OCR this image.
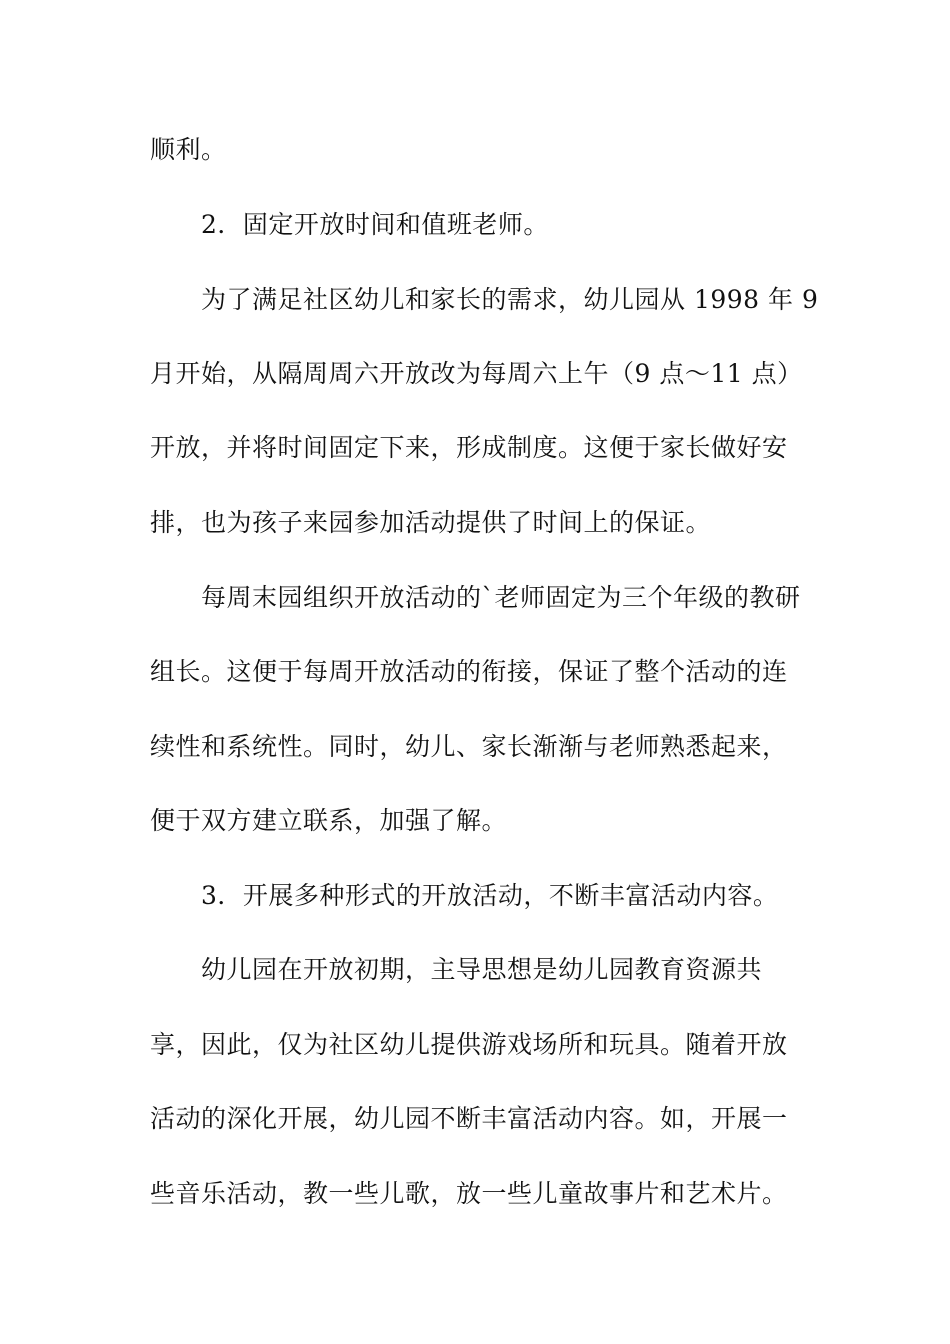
顺利。
2．固定开放时间和值班老师。
为了满足社区幼儿和家长的需求，幼儿园从 1998 年 9
月开始，从隔周周六开放改为每周六上午（9 点～11 点）
开放，并将时间固定下来，形成制度。这便于家长做好安
排，也为孩子来园参加活动提供了时间上的保证。
每周末园组织开放活动的`老师固定为三个年级的教研
组长。这便于每周开放活动的衔接，保证了整个活动的连
续性和系统性。同时，幼儿、家长渐渐与老师熟悉起来，
便于双方建立联系，加强了解。
3．开展多种形式的开放活动，不断丰富活动内容。
幼儿园在开放初期，主导思想是幼儿园教育资源共
享，因此，仅为社区幼儿提供游戏场所和玩具。随着开放
活动的深化开展，幼儿园不断丰富活动内容。如，开展一
些音乐活动，教一些儿歌，放一些儿童故事片和艺术片。
